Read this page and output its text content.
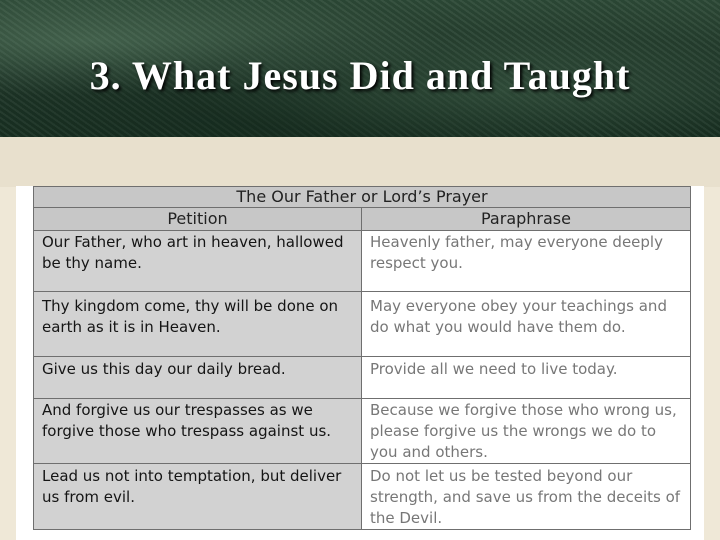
3. What Jesus Did and Taught
The Our Father or Lord’s Prayer	
Petition	Paraphrase
Our Father, who art in heaven, hallowed be thy name.	Heavenly father, may everyone deeply respect you.
Thy kingdom come, thy will be done on earth as it is in Heaven.	May everyone obey your teachings and do what you would have them do.
Give us this day our daily bread.	Provide all we need to live today.
And forgive us our trespasses as we forgive those who trespass against us.	Because we forgive those who wrong us, please forgive us the wrongs we do to you and others.
Lead us not into temptation, but deliver us from evil.	Do not let us be tested beyond our strength, and save us from the deceits of the Devil.
